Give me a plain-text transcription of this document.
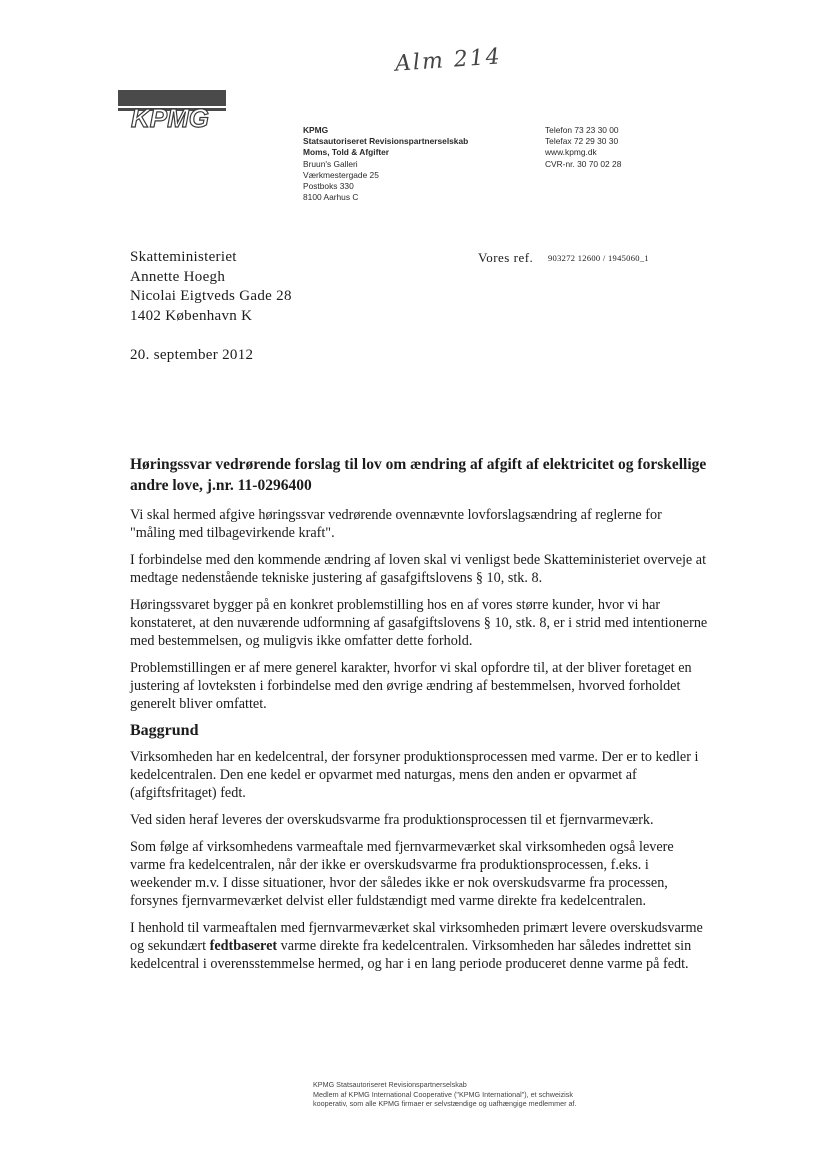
Alm 214
KPMG	KPMG
Statsautoriseret Revisionspartnerselskab
Moms, Told & Afgifter
Bruun's Galleri
Værkmestergade 25
Postboks 330
8100 Aarhus C
Telefon 73 23 30 00
Telefax 72 29 30 30
www.kpmg.dk
CVR-nr. 30 70 02 28
Skatteministeriet
Annette Hoegh
Nicolai Eigtveds Gade 28
1402 København K
Vores ref. 903272 12600 / 1945060_1
20. september 2012
Høringssvar vedrørende forslag til lov om ændring af afgift af elektricitet og forskellige andre love, j.nr. 11-0296400

Vi skal hermed afgive høringssvar vedrørende ovennævnte lovforslagsændring af reglerne for "måling med tilbagevirkende kraft".

I forbindelse med den kommende ændring af loven skal vi venligst bede Skatteministeriet overveje at medtage nedenstående tekniske justering af gasafgiftslovens § 10, stk. 8.

Høringssvaret bygger på en konkret problemstilling hos en af vores større kunder, hvor vi har konstateret, at den nuværende udformning af gasafgiftslovens § 10, stk. 8, er i strid med intentionerne med bestemmelsen, og muligvis ikke omfatter dette forhold.

Problemstillingen er af mere generel karakter, hvorfor vi skal opfordre til, at der bliver foretaget en justering af lovteksten i forbindelse med den øvrige ændring af bestemmelsen, hvorved forholdet generelt bliver omfattet.

Baggrund

Virksomheden har en kedelcentral, der forsyner produktionsprocessen med varme. Der er to kedler i kedelcentralen. Den ene kedel er opvarmet med naturgas, mens den anden er opvarmet af (afgiftsfritaget) fedt.

Ved siden heraf leveres der overskudsvarme fra produktionsprocessen til et fjernvarmeværk.

Som følge af virksomhedens varmeaftale med fjernvarmeværket skal virksomheden også levere varme fra kedelcentralen, når der ikke er overskudsvarme fra produktionsprocessen, f.eks. i weekender m.v. I disse situationer, hvor der således ikke er nok overskudsvarme fra processen, forsynes fjernvarmeværket delvist eller fuldstændigt med varme direkte fra kedelcentralen.

I henhold til varmeaftalen med fjernvarmeværket skal virksomheden primært levere overskudsvarme og sekundært fedtbaseret varme direkte fra kedelcentralen. Virksomheden har således indrettet sin kedelcentral i overensstemmelse hermed, og har i en lang periode produceret denne varme på fedt.

KPMG Statsautoriseret Revisionspartnerselskab
Medlem af KPMG International Cooperative ("KPMG International"), et schweizisk
kooperativ, som alle KPMG firmaer er selvstændige og uafhængige medlemmer af.
